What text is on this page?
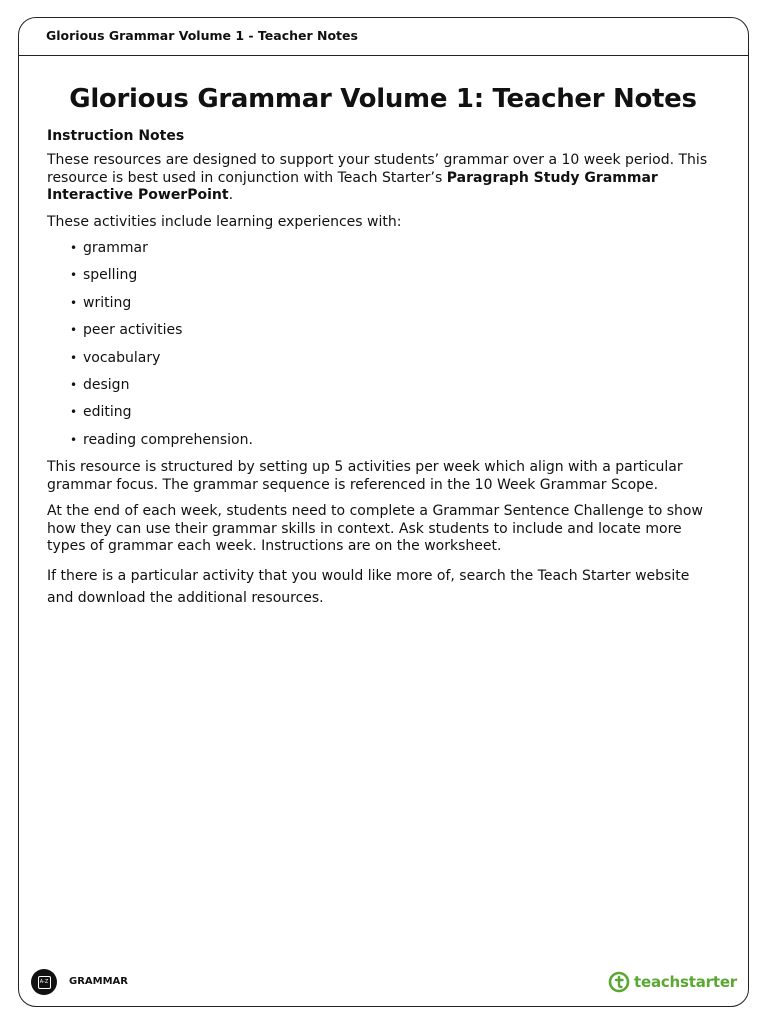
Glorious Grammar Volume 1 - Teacher Notes
Glorious Grammar Volume 1: Teacher Notes
Instruction Notes

These resources are designed to support your students’ grammar over a 10 week period. This resource is best used in conjunction with Teach Starter’s Paragraph Study Grammar Interactive PowerPoint.

These activities include learning experiences with:

• grammar
• spelling
• writing
• peer activities
• vocabulary
• design
• editing
• reading comprehension.

This resource is structured by setting up 5 activities per week which align with a particular grammar focus. The grammar sequence is referenced in the 10 Week Grammar Scope.

At the end of each week, students need to complete a Grammar Sentence Challenge to show how they can use their grammar skills in context. Ask students to include and locate more types of grammar each week. Instructions are on the worksheet.

If there is a particular activity that you would like more of, search the Teach Starter website and download the additional resources.

A-Z GRAMMAR	teachstarter
